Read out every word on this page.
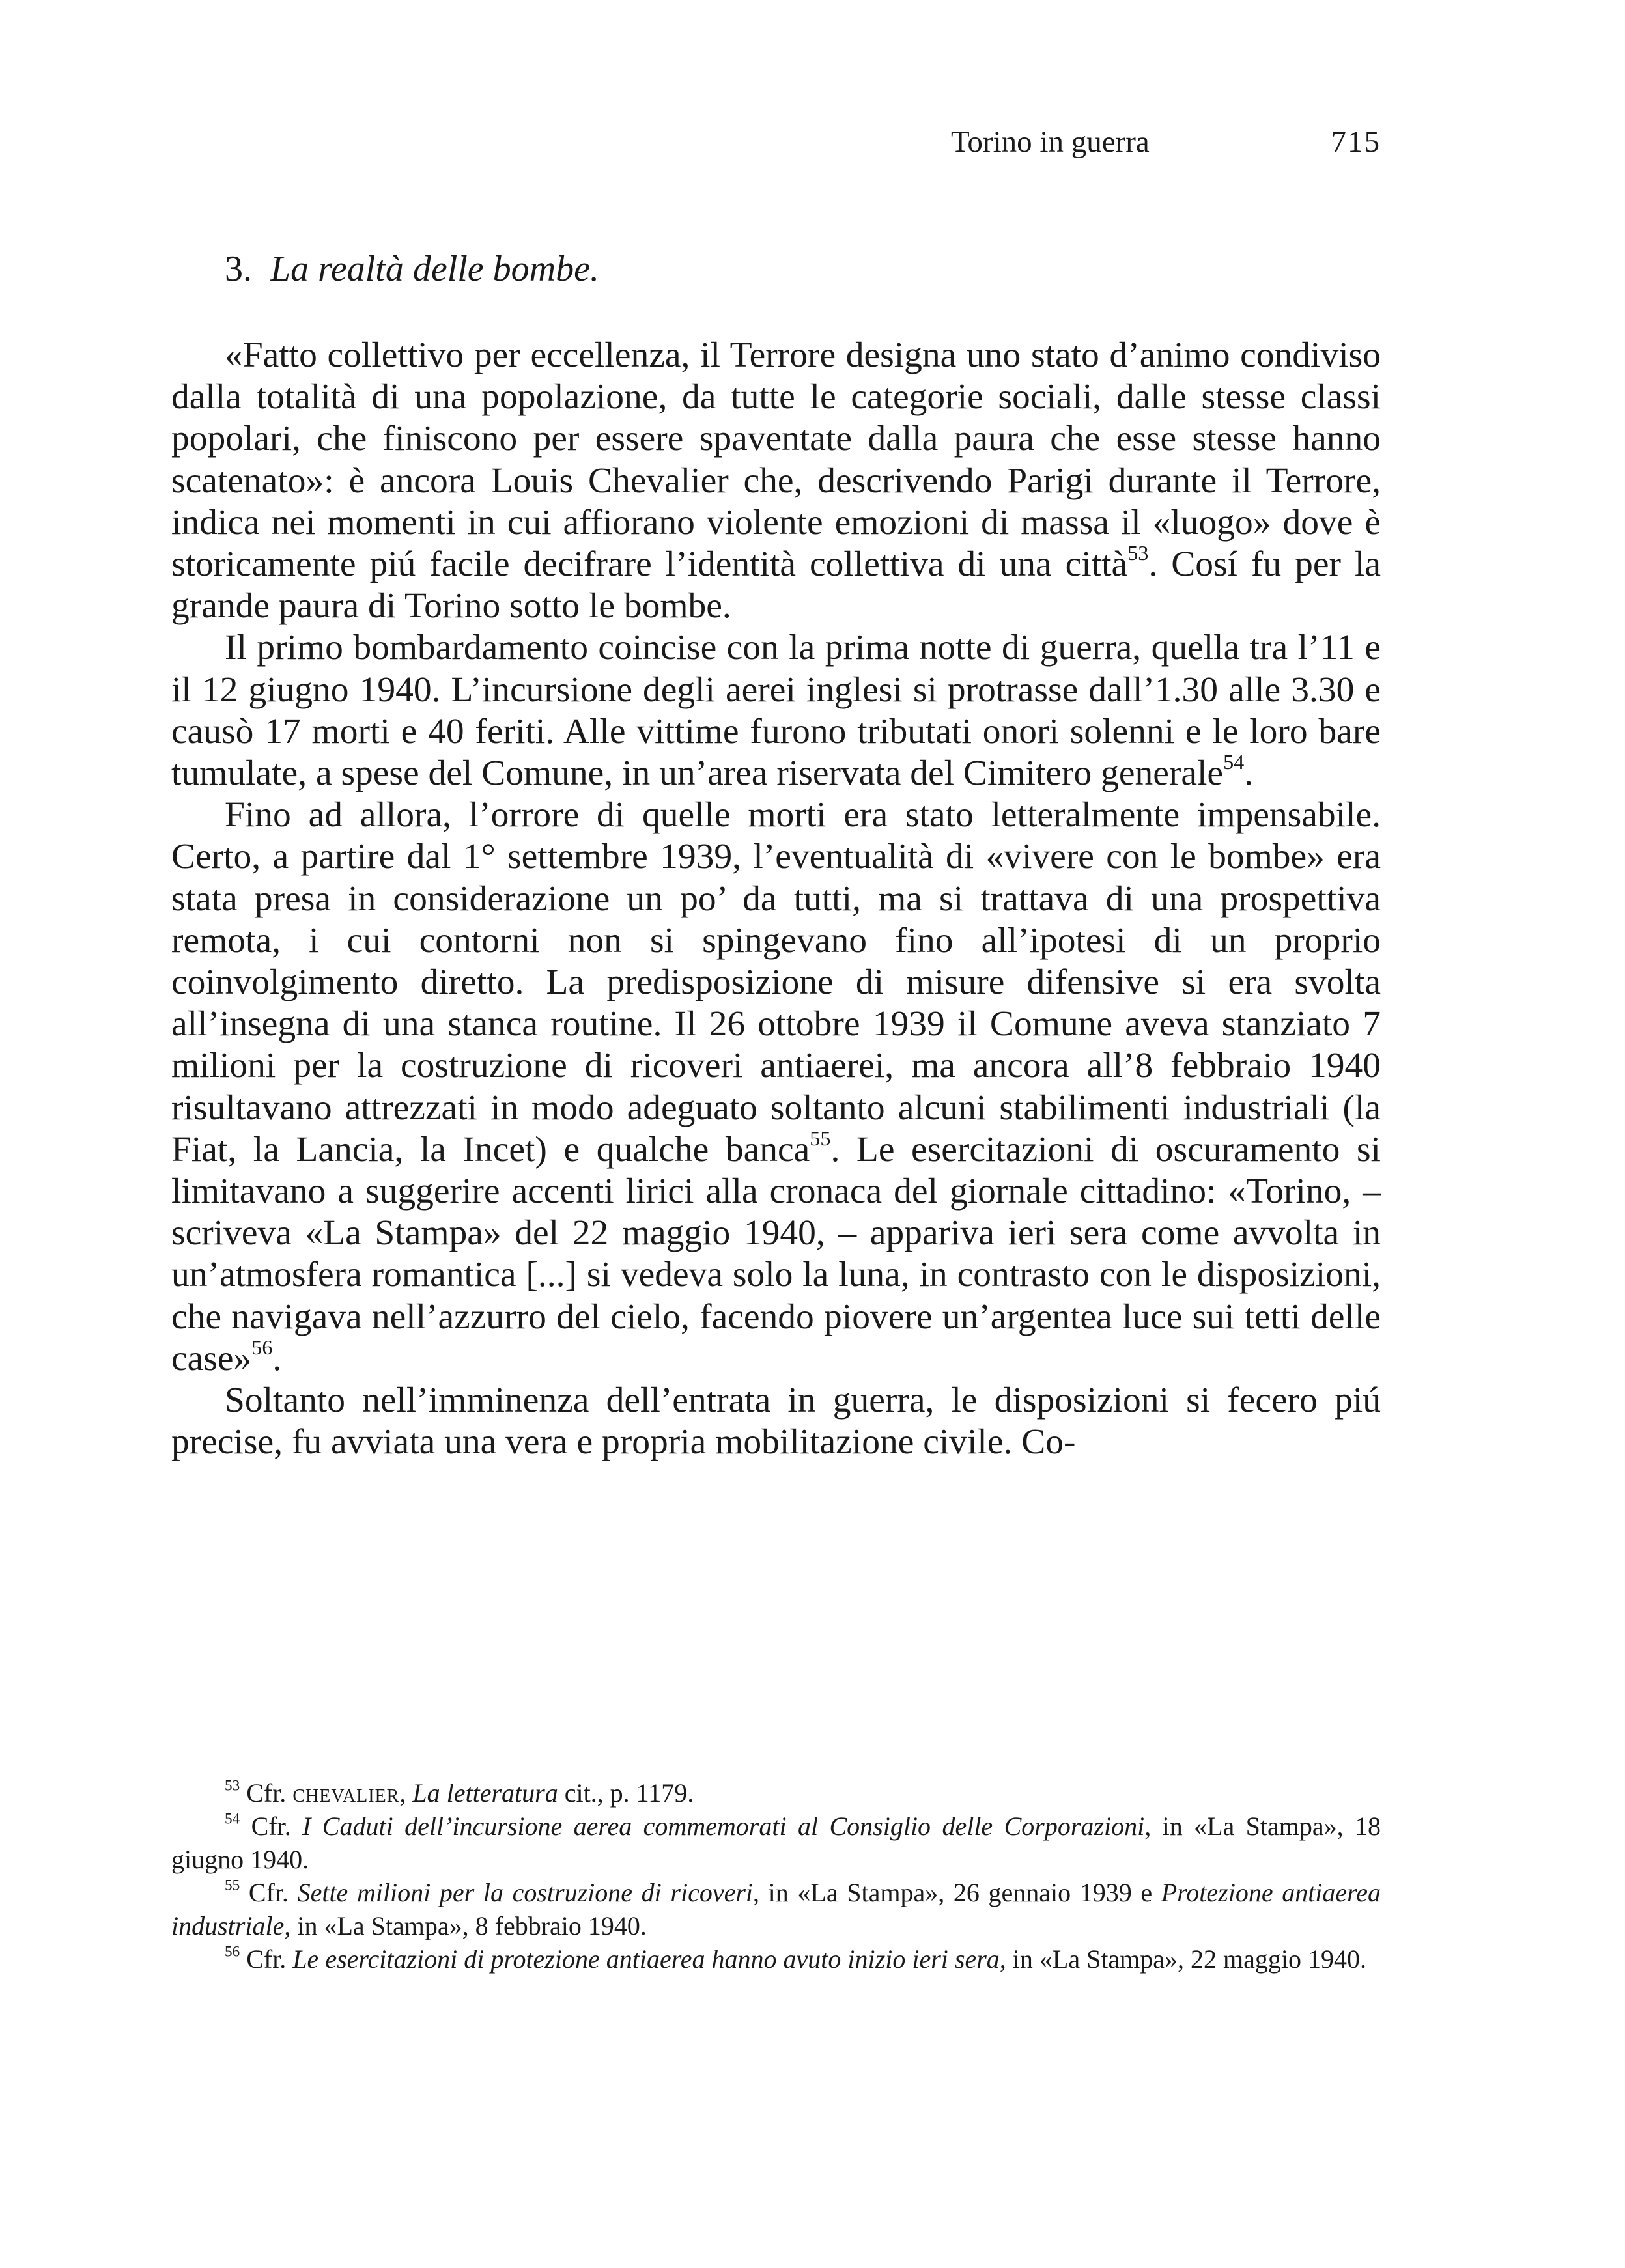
Torino in guerra	715
3. La realtà delle bombe.

«Fatto collettivo per eccellenza, il Terrore designa uno stato d’animo condiviso dalla totalità di una popolazione, da tutte le categorie sociali, dalle stesse classi popolari, che finiscono per essere spaventate dalla paura che esse stesse hanno scatenato»: è ancora Louis Chevalier che, descrivendo Parigi durante il Terrore, indica nei momenti in cui affiorano violente emozioni di massa il «luogo» dove è storicamente piú facile decifrare l’identità collettiva di una città$^{53}$. Cosí fu per la grande paura di Torino sotto le bombe.

Il primo bombardamento coincise con la prima notte di guerra, quella tra l’11 e il 12 giugno 1940. L’incursione degli aerei inglesi si protrasse dall’1.30 alle 3.30 e causò 17 morti e 40 feriti. Alle vittime furono tributati onori solenni e le loro bare tumulate, a spese del Comune, in un’area riservata del Cimitero generale$^{54}$.

Fino ad allora, l’orrore di quelle morti era stato letteralmente impensabile. Certo, a partire dal 1° settembre 1939, l’eventualità di «vivere con le bombe» era stata presa in considerazione un po’ da tutti, ma si trattava di una prospettiva remota, i cui contorni non si spingevano fino all’ipotesi di un proprio coinvolgimento diretto. La predisposizione di misure difensive si era svolta all’insegna di una stanca routine. Il 26 ottobre 1939 il Comune aveva stanziato 7 milioni per la costruzione di ricoveri antiaerei, ma ancora all’8 febbraio 1940 risultavano attrezzati in modo adeguato soltanto alcuni stabilimenti industriali (la Fiat, la Lancia, la Incet) e qualche banca$^{55}$. Le esercitazioni di oscuramento si limitavano a suggerire accenti lirici alla cronaca del giornale cittadino: «Torino, – scriveva «La Stampa» del 22 maggio 1940, – appariva ieri sera come avvolta in un’atmosfera romantica [...] si vedeva solo la luna, in contrasto con le disposizioni, che navigava nell’azzurro del cielo, facendo piovere un’argentea luce sui tetti delle case»$^{56}$.

Soltanto nell’imminenza dell’entrata in guerra, le disposizioni si fecero piú precise, fu avviata una vera e propria mobilitazione civile. Co-

$^{53}$ Cfr. chevalier, La letteratura cit., p. 1179.

$^{54}$ Cfr. I Caduti dell’incursione aerea commemorati al Consiglio delle Corporazioni, in «La Stampa», 18 giugno 1940.

$^{55}$ Cfr. Sette milioni per la costruzione di ricoveri, in «La Stampa», 26 gennaio 1939 e Protezione antiaerea industriale, in «La Stampa», 8 febbraio 1940.

$^{56}$ Cfr. Le esercitazioni di protezione antiaerea hanno avuto inizio ieri sera, in «La Stampa», 22 maggio 1940.
